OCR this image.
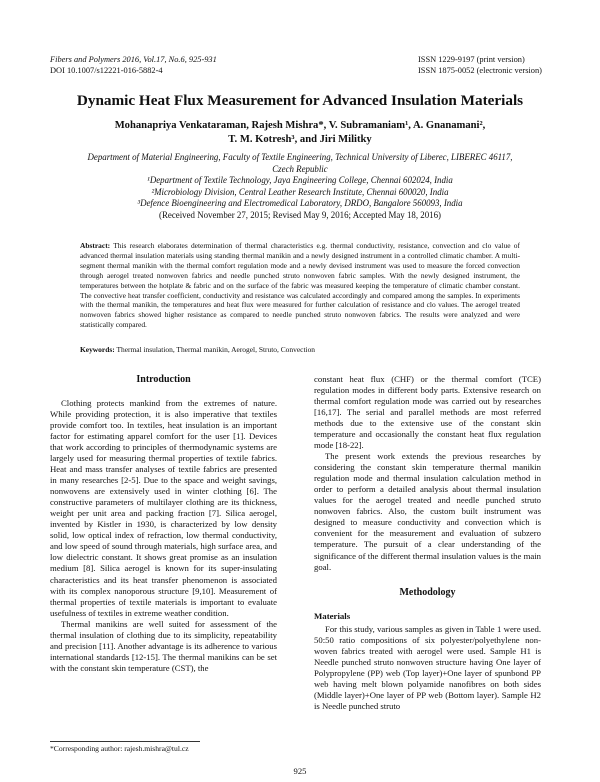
Fibers and Polymers 2016, Vol.17, No.6, 925-931
DOI 10.1007/s12221-016-5882-4
ISSN 1229-9197 (print version)
ISSN 1875-0052 (electronic version)
Dynamic Heat Flux Measurement for Advanced Insulation Materials
Mohanapriya Venkataraman, Rajesh Mishra*, V. Subramaniam¹, A. Gnanamani²,
T. M. Kotresh³, and Jiri Militky
Department of Material Engineering, Faculty of Textile Engineering, Technical University of Liberec, LIBEREC 46117,
Czech Republic
¹Department of Textile Technology, Jaya Engineering College, Chennai 602024, India
²Microbiology Division, Central Leather Research Institute, Chennai 600020, India
³Defence Bioengineering and Electromedical Laboratory, DRDO, Bangalore 560093, India
(Received November 27, 2015; Revised May 9, 2016; Accepted May 18, 2016)
Abstract: This research elaborates determination of thermal characteristics e.g. thermal conductivity, resistance, convection and clo value of advanced thermal insulation materials using standing thermal manikin and a newly designed instrument in a controlled climatic chamber. A multi-segment thermal manikin with the thermal comfort regulation mode and a newly devised instrument was used to measure the forced convection through aerogel treated nonwoven fabrics and needle punched struto nonwoven fabric samples. With the newly designed instrument, the temperatures between the hotplate & fabric and on the surface of the fabric was measured keeping the temperature of climatic chamber constant. The convective heat transfer coefficient, conductivity and resistance was calculated accordingly and compared among the samples. In experiments with the thermal manikin, the temperatures and heat flux were measured for further calculation of resistance and clo values. The aerogel treated nonwoven fabrics showed higher resistance as compared to needle punched struto nonwoven fabrics. The results were analyzed and were statistically compared.
Keywords: Thermal insulation, Thermal manikin, Aerogel, Struto, Convection
Introduction

Clothing protects mankind from the extremes of nature. While providing protection, it is also imperative that textiles provide comfort too. In textiles, heat insulation is an important factor for estimating apparel comfort for the user [1]. Devices that work according to principles of thermodynamic systems are largely used for measuring thermal properties of textile fabrics. Heat and mass transfer analyses of textile fabrics are presented in many researches [2-5]. Due to the space and weight savings, nonwovens are extensively used in winter clothing [6]. The constructive parameters of multilayer clothing are its thickness, weight per unit area and packing fraction [7]. Silica aerogel, invented by Kistler in 1930, is characterized by low density solid, low optical index of refraction, low thermal conductivity, and low speed of sound through materials, high surface area, and low dielectric constant. It shows great promise as an insulation medium [8]. Silica aerogel is known for its super-insulating characteristics and its heat transfer phenomenon is associated with its complex nanoporous structure [9,10]. Measurement of thermal properties of textile materials is important to evaluate usefulness of textiles in extreme weather condition.

Thermal manikins are well suited for assessment of the thermal insulation of clothing due to its simplicity, repeatability and precision [11]. Another advantage is its adherence to various international standards [12-15]. The thermal manikins can be set with the constant skin temperature (CST), the

constant heat flux (CHF) or the thermal comfort (TCE) regulation modes in different body parts. Extensive research on thermal comfort regulation mode was carried out by researches [16,17]. The serial and parallel methods are most referred methods due to the extensive use of the constant skin temperature and occasionally the constant heat flux regulation mode [18-22].

The present work extends the previous researches by considering the constant skin temperature thermal manikin regulation mode and thermal insulation calculation method in order to perform a detailed analysis about thermal insulation values for the aerogel treated and needle punched struto nonwoven fabrics. Also, the custom built instrument was designed to measure conductivity and convection which is convenient for the measurement and evaluation of subzero temperature. The pursuit of a clear understanding of the significance of the different thermal insulation values is the main goal.

Methodology
Materials

For this study, various samples as given in Table 1 were used. 50:50 ratio compositions of six polyester/polyethylene non-woven fabrics treated with aerogel were used. Sample H1 is Needle punched struto nonwoven structure having One layer of Polypropylene (PP) web (Top layer)+One layer of spunbond PP web having melt blown polyamide nanofibres on both sides (Middle layer)+One layer of PP web (Bottom layer). Sample H2 is Needle punched struto

*Corresponding author: rajesh.mishra@tul.cz
925
